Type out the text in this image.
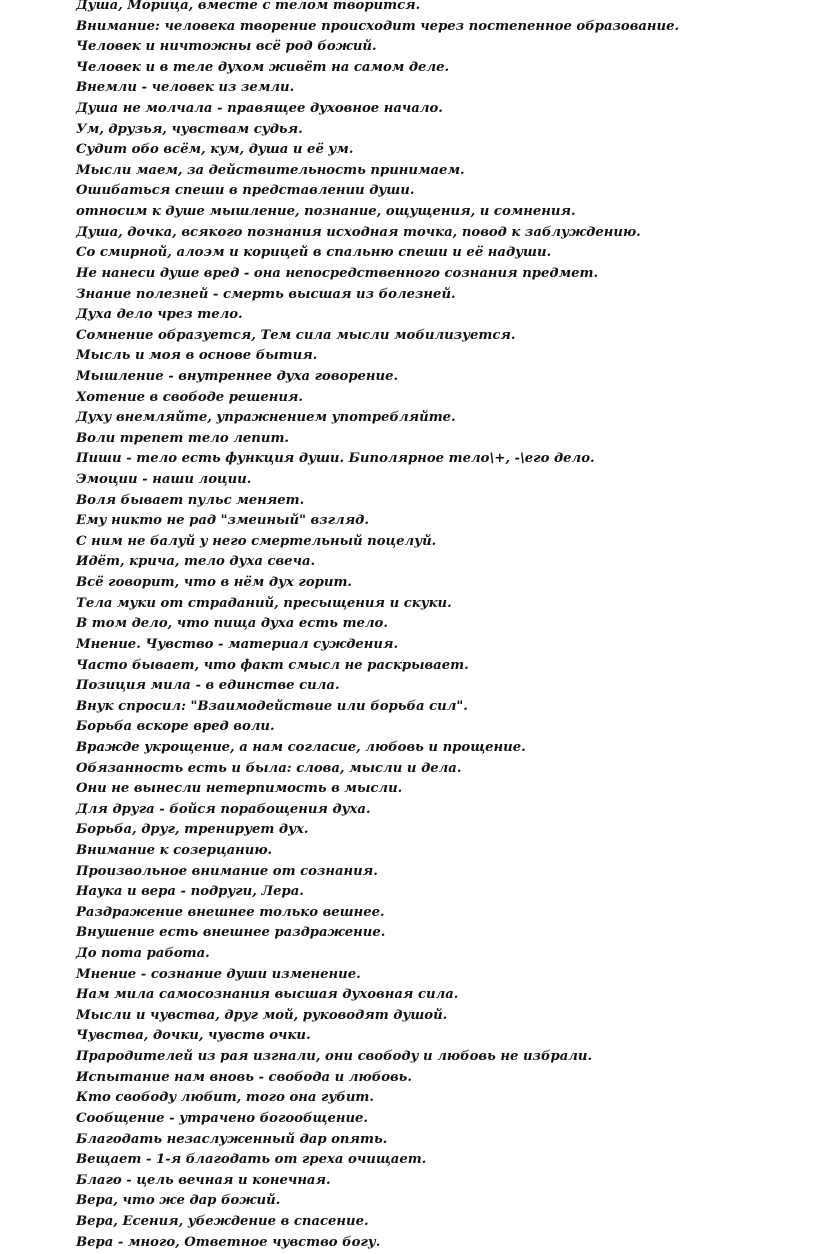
Душа, Морица, вместе с телом творится.
Внимание: человека творение происходит через постепенное образование.
Человек и ничтожны всё род божий.
Человек и в теле духом живёт на самом деле.
Внемли - человек из земли.
Душа не молчала - правящее духовное начало.
Ум, друзья, чувствам судья.
Судит обо всём, кум, душа и её ум.
Мысли маем, за действительность принимаем.
Ошибаться спеши в представлении души.
относим к душе мышление, познание, ощущения, и сомнения.
Душа, дочка, всякого познания исходная точка, повод к заблуждению.
Со смирной, алоэм и корицей в спальню спеши и её надуши.
Не нанеси душе вред - она непосредственного сознания предмет.
Знание полезней - смерть высшая из болезней.
Духа дело чрез тело.
Сомнение образуется, Тем сила мысли мобилизуется.
Мысль и моя в основе бытия.
Мышление - внутреннее духа говорение.
Хотение в свободе решения.
Духу внемляйте, упражнением употребляйте.
Воли трепет тело лепит.
Пиши - тело есть функция души. Биполярное тело\+, -\его дело.
Эмоции - наши лоции.
Воля бывает пульс меняет.
Ему никто не рад "змеиный" взгляд.
С ним не балуй у него смертельный поцелуй.
Идёт, крича, тело духа свеча.
Всё говорит, что в нём дух горит.
Тела муки от страданий, пресыщения и скуки.
В том дело, что пища духа есть тело.
Мнение. Чувство - материал суждения.
Часто бывает, что факт смысл не раскрывает.
Позиция мила - в единстве сила.
Внук спросил: "Взаимодействие или борьба сил".
Борьба вскоре вред воли.
Вражде укрощение, а нам согласие, любовь и прощение.
Обязанность есть и была: слова, мысли и дела.
Они не вынесли нетерпимость в мысли.
Для друга - бойся порабощения духа.
Борьба, друг, тренирует дух.
Внимание к созерцанию.
Произвольное внимание от сознания.
Наука и вера - подруги, Лера.
Раздражение внешнее только вешнее.
Внушение есть внешнее раздражение.
До пота работа.
Мнение - сознание души изменение.
Нам мила самосознания высшая духовная сила.
Мысли и чувства, друг мой, руководят душой.
Чувства, дочки, чувств очки.
Прародителей из рая изгнали, они свободу и любовь не избрали.
Испытание нам вновь - свобода и любовь.
Кто свободу любит, того она губит.
Сообщение - утрачено богообщение.
Благодать незаслуженный дар опять.
Вещает - 1-я благодать от греха очищает.
Благо - цель вечная и конечная.
Вера, что же дар божий.
Вера, Есения, убеждение в спасение.
Вера - много, Ответное чувство богу.
